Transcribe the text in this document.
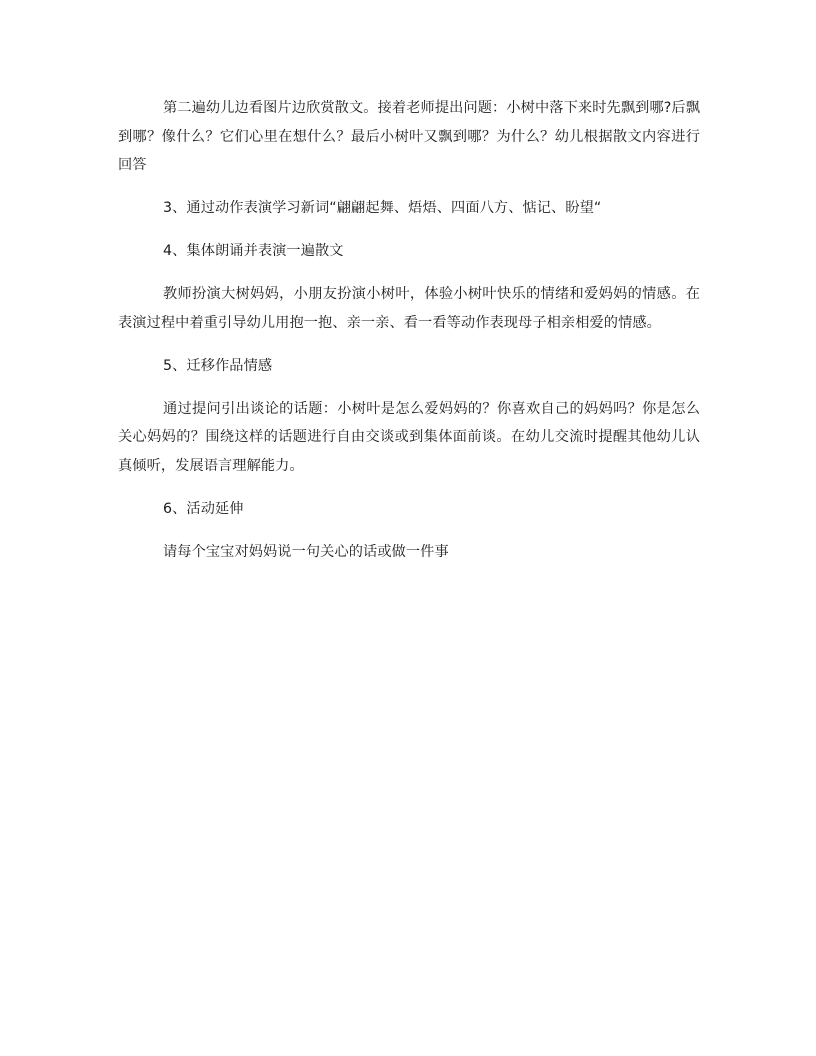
第二遍幼儿边看图片边欣赏散文。接着老师提出问题：小树中落下来时先飘到哪?后飘到哪？像什么？它们心里在想什么？最后小树叶又飘到哪？为什么？幼儿根据散文内容进行回答

3、通过动作表演学习新词“翩翩起舞、焐焐、四面八方、惦记、盼望“

4、集体朗诵并表演一遍散文

教师扮演大树妈妈，小朋友扮演小树叶，体验小树叶快乐的情绪和爱妈妈的情感。在表演过程中着重引导幼儿用抱一抱、亲一亲、看一看等动作表现母子相亲相爱的情感。

5、迁移作品情感

通过提问引出谈论的话题：小树叶是怎么爱妈妈的？你喜欢自己的妈妈吗？你是怎么关心妈妈的？围绕这样的话题进行自由交谈或到集体面前谈。在幼儿交流时提醒其他幼儿认真倾听，发展语言理解能力。

6、活动延伸

请每个宝宝对妈妈说一句关心的话或做一件事
